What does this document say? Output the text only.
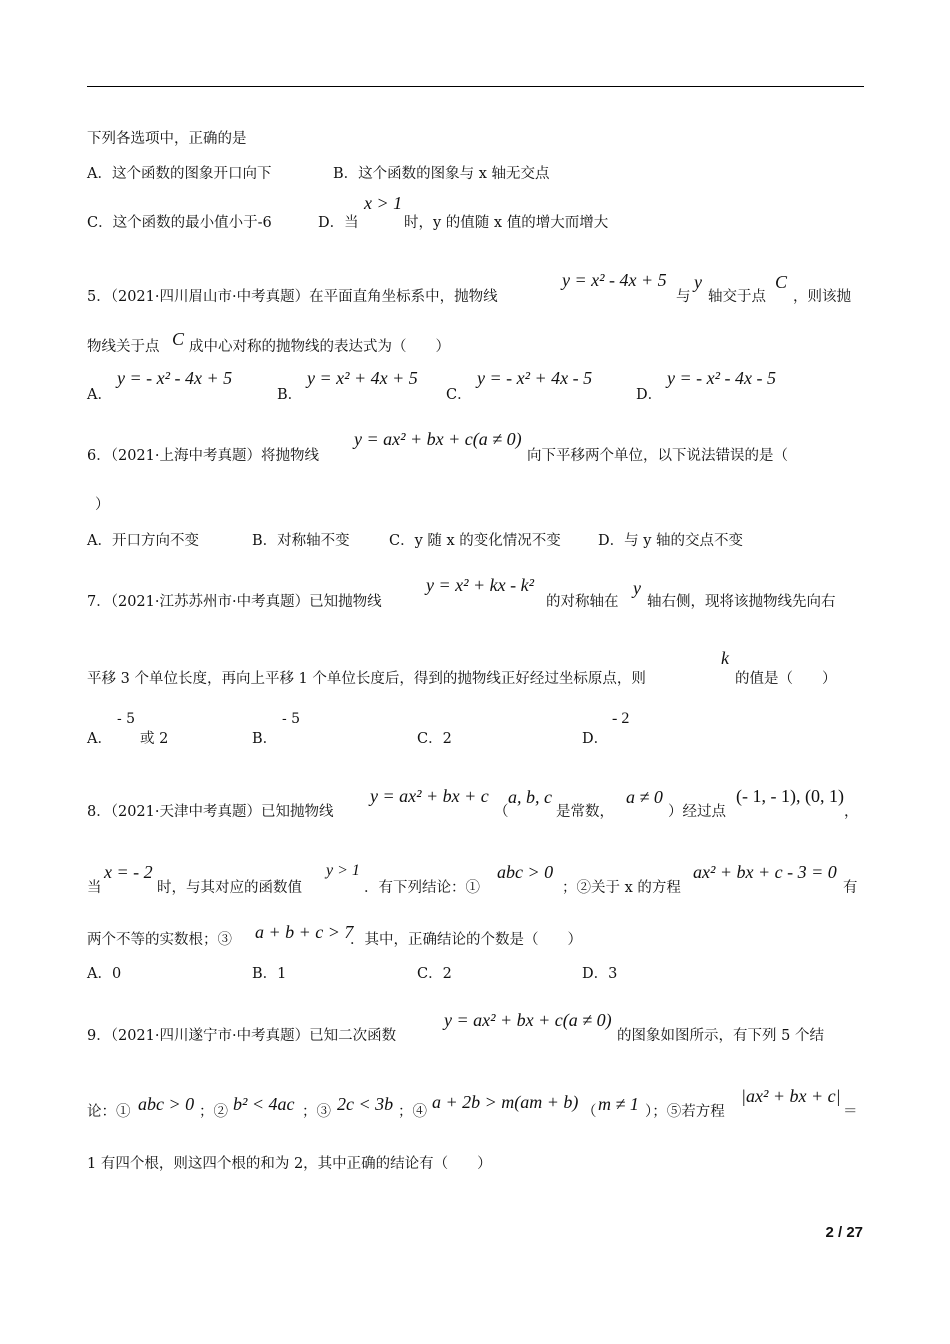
下列各选项中，正确的是
A．这个函数的图象开口向下	B．这个函数的图象与 x 轴无交点
C．这个函数的最小值小于-6	D．当
x > 1
时，y 的值随 x 值的增大而增大
5．（2021·四川眉山市·中考真题）在平面直角坐标系中，抛物线
y = x² - 4x + 5
与
y
轴交于点
C
，则该抛
物线关于点 C 成中心对称的抛物线的表达式为（　　）
A．
y = - x² - 4x + 5
B．
y = x² + 4x + 5
C．
y = - x² + 4x - 5
D．
y = - x² - 4x - 5
6．（2021·上海中考真题）将抛物线
y = ax² + bx + c(a ≠ 0)
向下平移两个单位，以下说法错误的是（
）
A．开口方向不变	B．对称轴不变	C．y 随 x 的变化情况不变	D．与 y 轴的交点不变
7．（2021·江苏苏州市·中考真题）已知抛物线
y = x² + kx - k²
的对称轴在
y
轴右侧，现将该抛物线先向右
平移 3 个单位长度，再向上平移 1 个单位长度后，得到的抛物线正好经过坐标原点，则
k
的值是（　　）
A．
- 5
或 2	B．
- 5
C．2	D．
- 2
8．（2021·天津中考真题）已知抛物线
y = ax² + bx + c
（
a, b, c
是常数，
a ≠ 0
）经过点
(- 1, - 1), (0, 1)
，
当
x = - 2
时，与其对应的函数值
y > 1
．有下列结论：①
abc > 0
；②关于 x 的方程
ax² + bx + c - 3 = 0
有
两个不等的实数根；③ a + b + c > 7
．其中，正确结论的个数是（　　）
A．0	B．1	C．2	D．3
9．（2021·四川遂宁市·中考真题）已知二次函数
y = ax² + bx + c(a ≠ 0)
的图象如图所示，有下列 5 个结
论：① abc > 0 ；② b² < 4ac ；③ 2c < 3b ；④ a + 2b > m(am + b) （ m ≠ 1 ）；⑤若方程
|ax² + bx + c|
＝
1 有四个根，则这四个根的和为 2，其中正确的结论有（　　）
2 / 27
